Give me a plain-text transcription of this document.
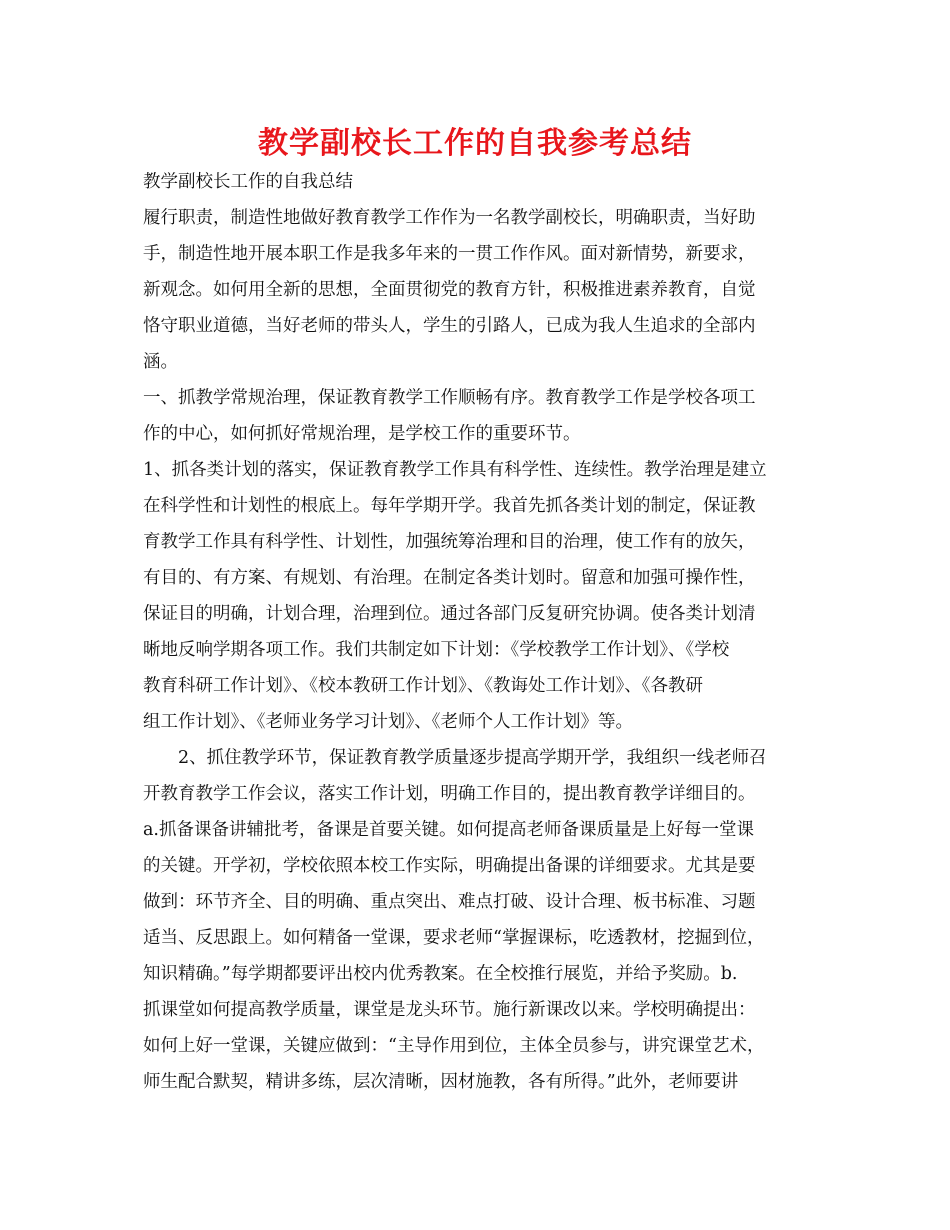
教学副校长工作的自我参考总结
教学副校长工作的自我总结
履行职责，制造性地做好教育教学工作作为一名教学副校长，明确职责，当好助
手，制造性地开展本职工作是我多年来的一贯工作作风。面对新情势，新要求，
新观念。如何用全新的思想，全面贯彻党的教育方针，积极推进素养教育，自觉
恪守职业道德，当好老师的带头人，学生的引路人，已成为我人生追求的全部内
涵。
一、抓教学常规治理，保证教育教学工作顺畅有序。教育教学工作是学校各项工
作的中心，如何抓好常规治理，是学校工作的重要环节。
1、抓各类计划的落实，保证教育教学工作具有科学性、连续性。教学治理是建立
在科学性和计划性的根底上。每年学期开学。我首先抓各类计划的制定，保证教
育教学工作具有科学性、计划性，加强统筹治理和目的治理，使工作有的放矢，
有目的、有方案、有规划、有治理。在制定各类计划时。留意和加强可操作性，
保证目的明确，计划合理，治理到位。通过各部门反复研究协调。使各类计划清
晰地反响学期各项工作。我们共制定如下计划：《学校教学工作计划》、《学校
教育科研工作计划》、《校本教研工作计划》、《教诲处工作计划》、《各教研
组工作计划》、《老师业务学习计划》、《老师个人工作计划》等。
2、抓住教学环节，保证教育教学质量逐步提高学期开学，我组织一线老师召
开教育教学工作会议，落实工作计划，明确工作目的，提出教育教学详细目的。
a.抓备课备讲辅批考，备课是首要关键。如何提高老师备课质量是上好每一堂课
的关键。开学初，学校依照本校工作实际，明确提出备课的详细要求。尤其是要
做到：环节齐全、目的明确、重点突出、难点打破、设计合理、板书标准、习题
适当、反思跟上。如何精备一堂课，要求老师“掌握课标，吃透教材，挖掘到位，
知识精确。”每学期都要评出校内优秀教案。在全校推行展览，并给予奖励。b.
抓课堂如何提高教学质量，课堂是龙头环节。施行新课改以来。学校明确提出：
如何上好一堂课，关键应做到：“主导作用到位，主体全员参与，讲究课堂艺术，
师生配合默契，精讲多练，层次清晰，因材施教，各有所得。”此外，老师要讲
